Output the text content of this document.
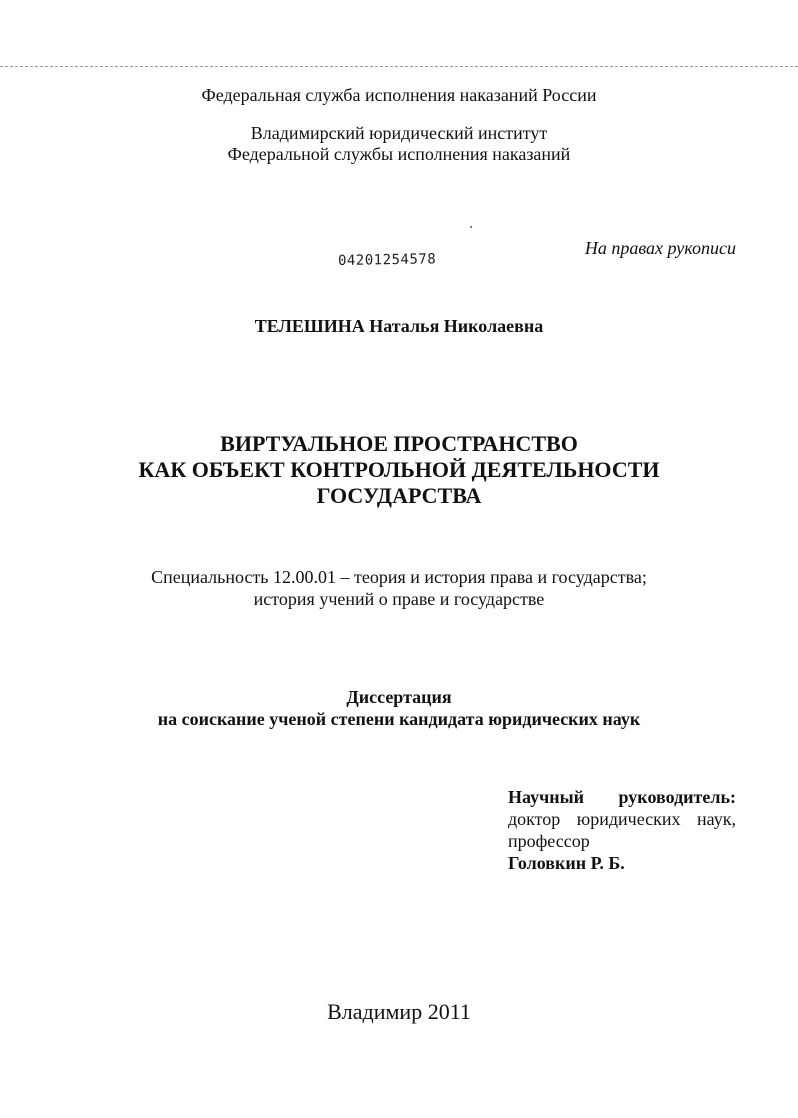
Федеральная служба исполнения наказаний России
Владимирский юридический институт
Федеральной службы исполнения наказаний
На правах рукописи
04201254578
ТЕЛЕШИНА Наталья Николаевна
ВИРТУАЛЬНОЕ ПРОСТРАНСТВО
КАК ОБЪЕКТ КОНТРОЛЬНОЙ ДЕЯТЕЛЬНОСТИ
ГОСУДАРСТВА
Специальность 12.00.01 – теория и история права и государства;
история учений о праве и государстве
Диссертация
на соискание ученой степени кандидата юридических наук
Научный руководитель:
доктор юридических наук,
профессор
Головкин Р. Б.
Владимир 2011
